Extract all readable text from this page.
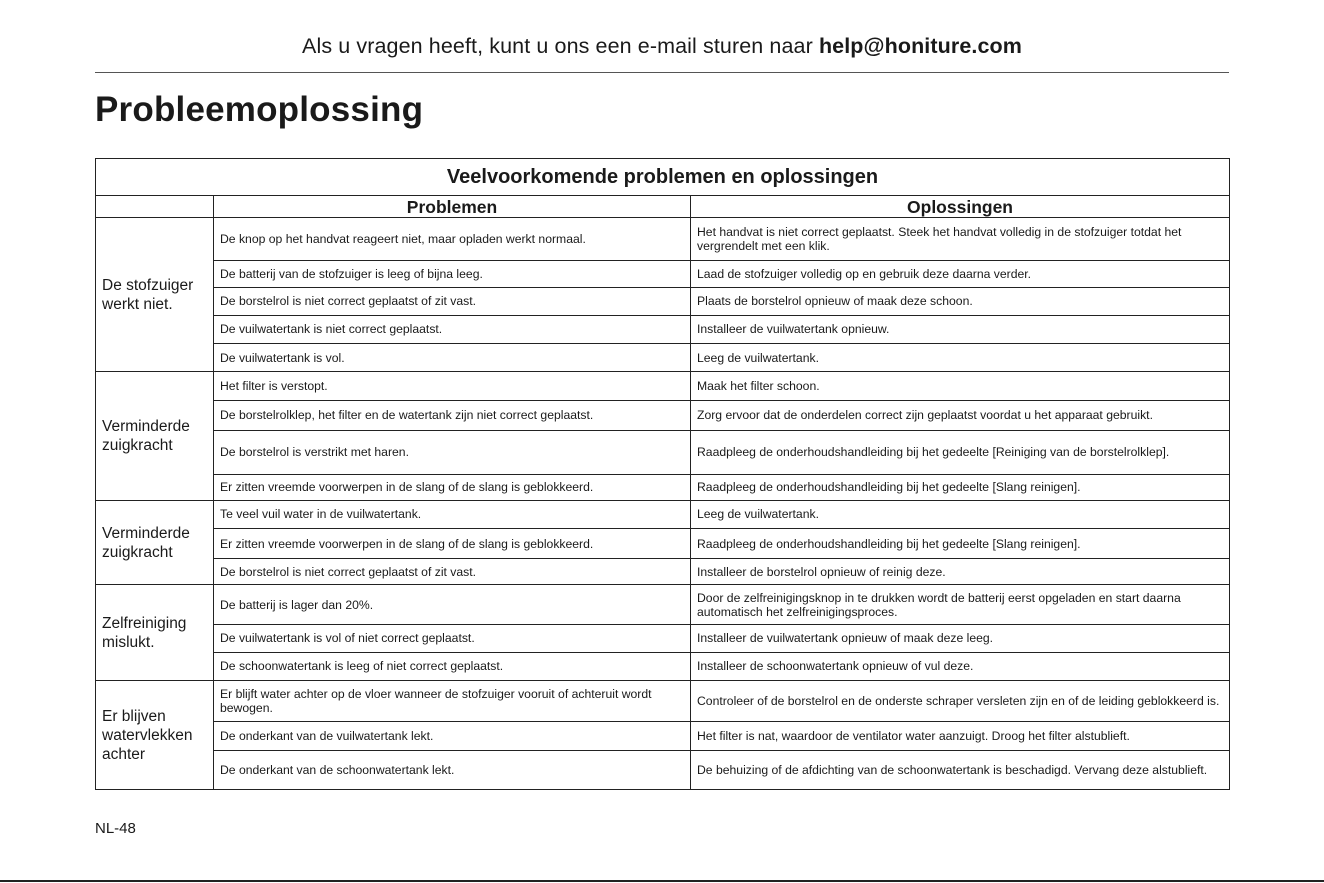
Als u vragen heeft, kunt u ons een e-mail sturen naar help@honiture.com
Probleemoplossing
Veelvoorkomende problemen en oplossingen		
	Problemen	Oplossingen
De stofzuiger werkt niet.	De knop op het handvat reageert niet, maar opladen werkt normaal.	Het handvat is niet correct geplaatst. Steek het handvat volledig in de stofzuiger totdat het vergrendelt met een klik.
	De batterij van de stofzuiger is leeg of bijna leeg.	Laad de stofzuiger volledig op en gebruik deze daarna verder.
	De borstelrol is niet correct geplaatst of zit vast.	Plaats de borstelrol opnieuw of maak deze schoon.
	De vuilwatertank is niet correct geplaatst.	Installeer de vuilwatertank opnieuw.
	De vuilwatertank is vol.	Leeg de vuilwatertank.
Verminderde zuigkracht	Het filter is verstopt.	Maak het filter schoon.
	De borstelrolklep, het filter en de watertank zijn niet correct geplaatst.	Zorg ervoor dat de onderdelen correct zijn geplaatst voordat u het apparaat gebruikt.
	De borstelrol is verstrikt met haren.	Raadpleeg de onderhoudshandleiding bij het gedeelte [Reiniging van de borstelrolklep].
	Er zitten vreemde voorwerpen in de slang of de slang is geblokkeerd.	Raadpleeg de onderhoudshandleiding bij het gedeelte [Slang reinigen].
Verminderde zuigkracht	Te veel vuil water in de vuilwatertank.	Leeg de vuilwatertank.
	Er zitten vreemde voorwerpen in de slang of de slang is geblokkeerd.	Raadpleeg de onderhoudshandleiding bij het gedeelte [Slang reinigen].
	De borstelrol is niet correct geplaatst of zit vast.	Installeer de borstelrol opnieuw of reinig deze.
Zelfreiniging mislukt.	De batterij is lager dan 20%.	Door de zelfreinigingsknop in te drukken wordt de batterij eerst opgeladen en start daarna automatisch het zelfreinigingsproces.
	De vuilwatertank is vol of niet correct geplaatst.	Installeer de vuilwatertank opnieuw of maak deze leeg.
	De schoonwatertank is leeg of niet correct geplaatst.	Installeer de schoonwatertank opnieuw of vul deze.
Er blijven watervlekken achter	Er blijft water achter op de vloer wanneer de stofzuiger vooruit of achteruit wordt bewogen.	Controleer of de borstelrol en de onderste schraper versleten zijn en of de leiding geblokkeerd is.
	De onderkant van de vuilwatertank lekt.	Het filter is nat, waardoor de ventilator water aanzuigt. Droog het filter alstublieft.
	De onderkant van de schoonwatertank lekt.	De behuizing of de afdichting van de schoonwatertank is beschadigd. Vervang deze alstublieft.
NL-48
